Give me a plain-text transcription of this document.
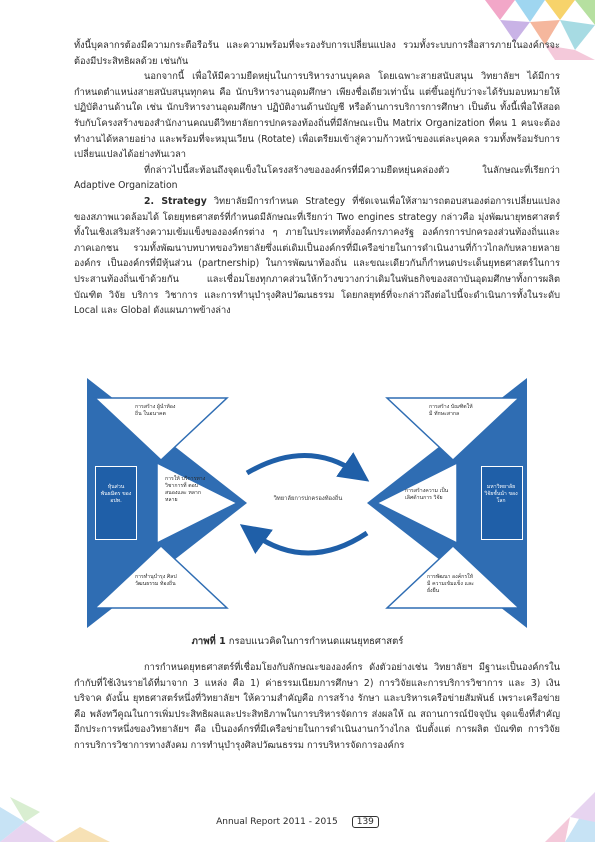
ทั้งนี้บุคลากรต้องมีความกระตือรือร้น และความพร้อมที่จะรองรับการเปลี่ยนแปลง รวมทั้งระบบการสื่อสารภายในองค์กรจะต้องมีประสิทธิผลด้วย เช่นกัน

นอกจากนี้ เพื่อให้มีความยืดหยุ่นในการบริหารงานบุคคล โดยเฉพาะสายสนับสนุน วิทยาลัยฯ ได้มีการกำหนดตำแหน่งสายสนับสนุนทุกคน คือ นักบริหารงานอุดมศึกษา เพียงชื่อเดียวเท่านั้น แต่ขึ้นอยู่กับว่าจะได้รับมอบหมายให้ปฏิบัติงานด้านใด เช่น นักบริหารงานอุดมศึกษา ปฏิบัติงานด้านบัญชี หรือด้านการบริการการศึกษา เป็นต้น ทั้งนี้เพื่อให้สอดรับกับโครงสร้างของสำนักงานคณบดีวิทยาลัยการปกครองท้องถิ่นที่มีลักษณะเป็น Matrix Organization ที่คน 1 คนจะต้องทำงานได้หลายอย่าง และพร้อมที่จะหมุนเวียน (Rotate) เพื่อเตรียมเข้าสู่ความก้าวหน้าของแต่ละบุคคล รวมทั้งพร้อมรับการเปลี่ยนแปลงได้อย่างทันเวลา

ที่กล่าวไปนี้สะท้อนถึงจุดแข็งในโครงสร้างขององค์กรที่มีความยืดหยุ่นคล่องตัว ในลักษณะที่เรียกว่า Adaptive Organization

2. Strategy วิทยาลัยมีการกำหนด Strategy ที่ชัดเจนเพื่อให้สามารถตอบสนองต่อการเปลี่ยนแปลงของสภาพแวดล้อมได้ โดยยุทธศาสตร์ที่กำหนดมีลักษณะที่เรียกว่า Two engines strategy กล่าวคือ มุ่งพัฒนายุทธศาสตร์ทั้งในเชิงเสริมสร้างความเข้มแข็งขององค์กรต่าง ๆ ภายในประเทศทั้งองค์กรภาคงรัฐ องค์กรการปกครองส่วนท้องถิ่นและภาคเอกชน รวมทั้งพัฒนาบทบาทของวิทยาลัยซึ่งแต่เดิมเป็นองค์กรที่มีเครือข่ายในการดำเนินงานที่ก้าวไกลกับหลายหลายองค์กร เป็นองค์กรที่มีหุ้นส่วน (partnership) ในการพัฒนาท้องถิ่น และขณะเดียวกันก็กำหนดประเด็นยุทธศาสตร์ในการประสานท้องถิ่นเข้าด้วยกัน และเชื่อมโยงทุกภาคส่วนให้กว้างขวางกว่าเดิมในพันธกิจของสถาบันอุดมศึกษาทั้งการผลิตบัณฑิต วิจัย บริการ วิชาการ และการทำนุบำรุงศิลปวัฒนธรรม โดยกลยุทธ์ที่จะกล่าวถึงต่อไปนี้จะดำเนินการทั้งในระดับ Local และ Global ดังแผนภาพข้างล่าง

หุ้นส่วน พันธมิตร ของ อปท.
มหาวิทยาลัย วิจัยชั้นนำ ของโลก
วิทยาลัยการปกครองท้องถิ่น
การสร้าง ผู้นำท้องถิ่น ในอนาคต
การให้ บริการทาง วิชาการที่ ตอบสนองและ หลากหลาย
การทำนุบำรุง ศิลปวัฒนธรรม ท้องถิ่น
การสร้าง บัณฑิตให้มี ทักษะสากล
การสร้างความ เป็นเลิศด้านการ วิจัย
การพัฒนา องค์กรให้มี ความเข้มแข็ง และยั่งยืน
ภาพที่ 1 กรอบแนวคิดในการกำหนดแผนยุทธศาสตร์

การกำหนดยุทธศาสตร์ที่เชื่อมโยงกับลักษณะขององค์กร ดังตัวอย่างเช่น วิทยาลัยฯ มีฐานะเป็นองค์กรในกำกับที่ใช้เงินรายได้ที่มาจาก 3 แหล่ง คือ 1) ค่าธรรมเนียมการศึกษา 2) การวิจัยและการบริการวิชาการ และ 3) เงินบริจาค ดังนั้น ยุทธศาสตร์หนึ่งที่วิทยาลัยฯ ให้ความสำคัญคือ การสร้าง รักษา และบริหารเครือข่ายสัมพันธ์ เพราะเครือข่ายคือ พลังทวีคูณในการเพิ่มประสิทธิผลและประสิทธิภาพในการบริหารจัดการ ส่งผลให้ ณ สถานการณ์ปัจจุบัน จุดแข็งที่สำคัญอีกประการหนึ่งของวิทยาลัยฯ คือ เป็นองค์กรที่มีเครือข่ายในการดำเนินงานกว้างไกล นับตั้งแต่ การผลิต บัณฑิต การวิจัย การบริการวิชาการทางสังคม การทำนุบำรุงศิลปวัฒนธรรม การบริหารจัดการองค์กร

Annual Report 2011 - 2015 139
